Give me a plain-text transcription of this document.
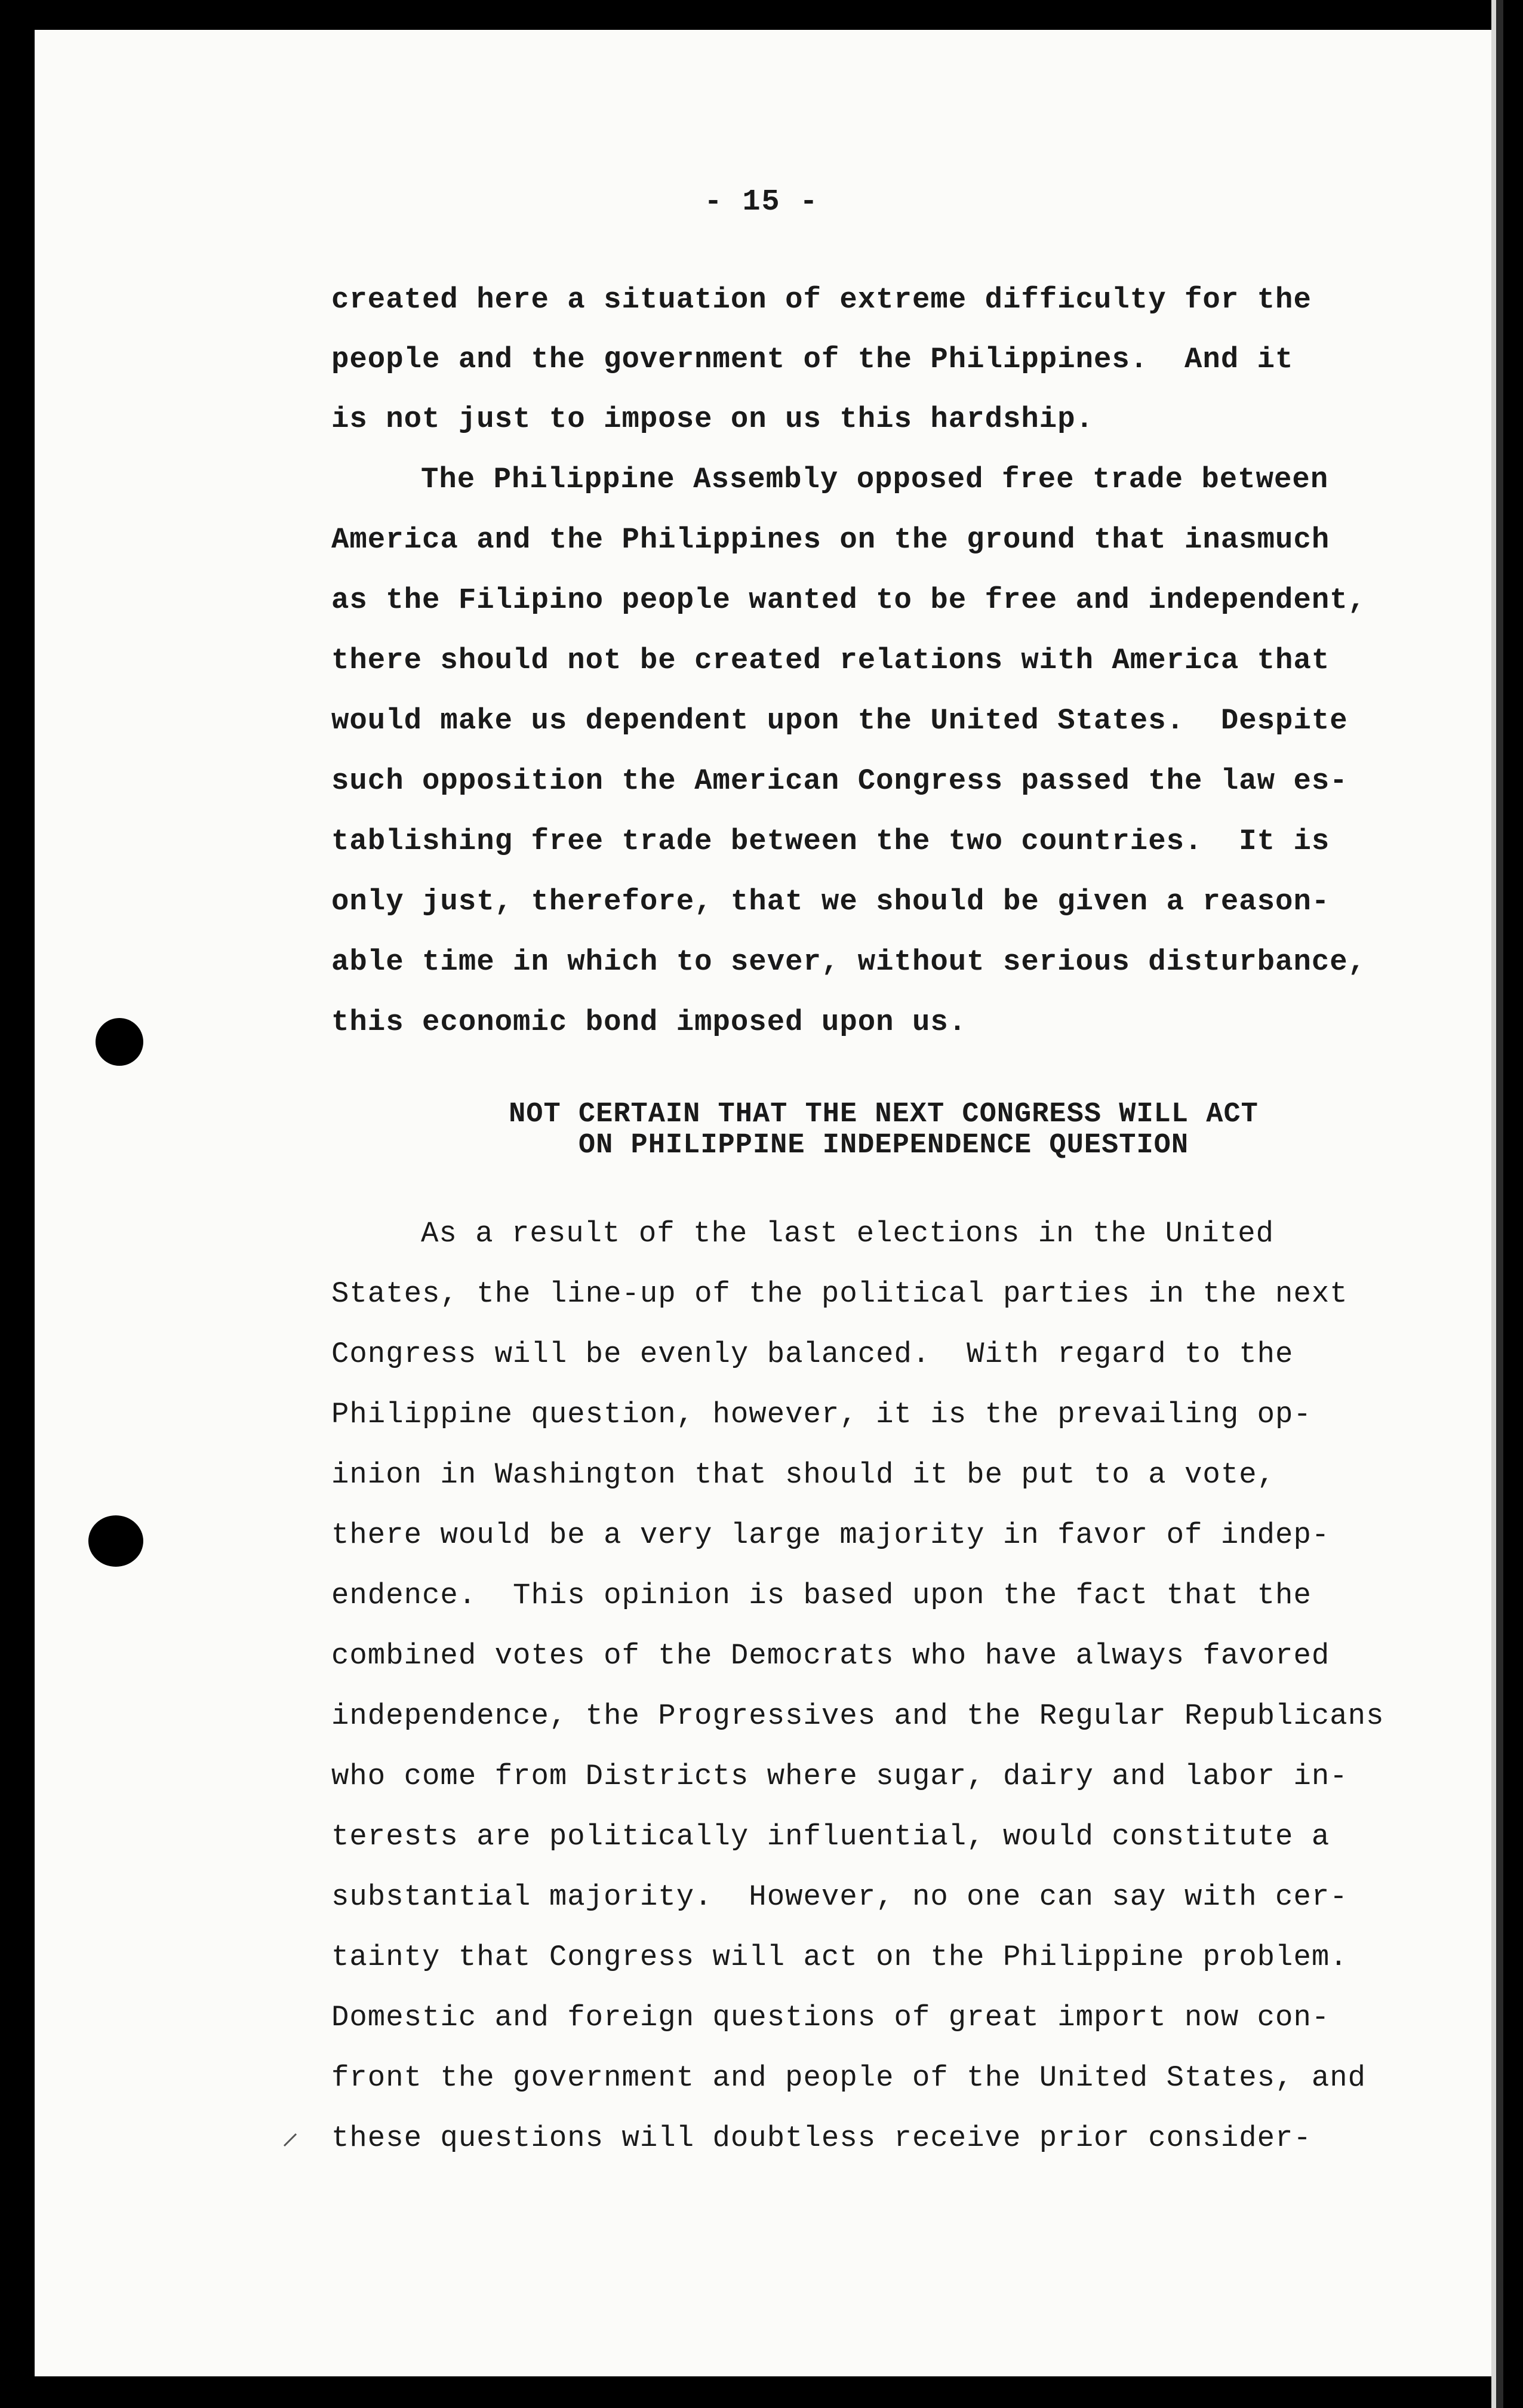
- 15 -
created here a situation of extreme difficulty for the
people and the government of the Philippines.  And it
is not just to impose on us this hardship.
The Philippine Assembly opposed free trade between
America and the Philippines on the ground that inasmuch
as the Filipino people wanted to be free and independent,
there should not be created relations with America that
would make us dependent upon the United States.  Despite
such opposition the American Congress passed the law es-
tablishing free trade between the two countries.  It is
only just, therefore, that we should be given a reason-
able time in which to sever, without serious disturbance,
this economic bond imposed upon us.
NOT CERTAIN THAT THE NEXT CONGRESS WILL ACT
ON PHILIPPINE INDEPENDENCE QUESTION
As a result of the last elections in the United
States, the line-up of the political parties in the next
Congress will be evenly balanced.  With regard to the
Philippine question, however, it is the prevailing op-
inion in Washington that should it be put to a vote,
there would be a very large majority in favor of indep-
endence.  This opinion is based upon the fact that the
combined votes of the Democrats who have always favored
independence, the Progressives and the Regular Republicans
who come from Districts where sugar, dairy and labor in-
terests are politically influential, would constitute a
substantial majority.  However, no one can say with cer-
tainty that Congress will act on the Philippine problem.
Domestic and foreign questions of great import now con-
front the government and people of the United States, and
these questions will doubtless receive prior consider-
